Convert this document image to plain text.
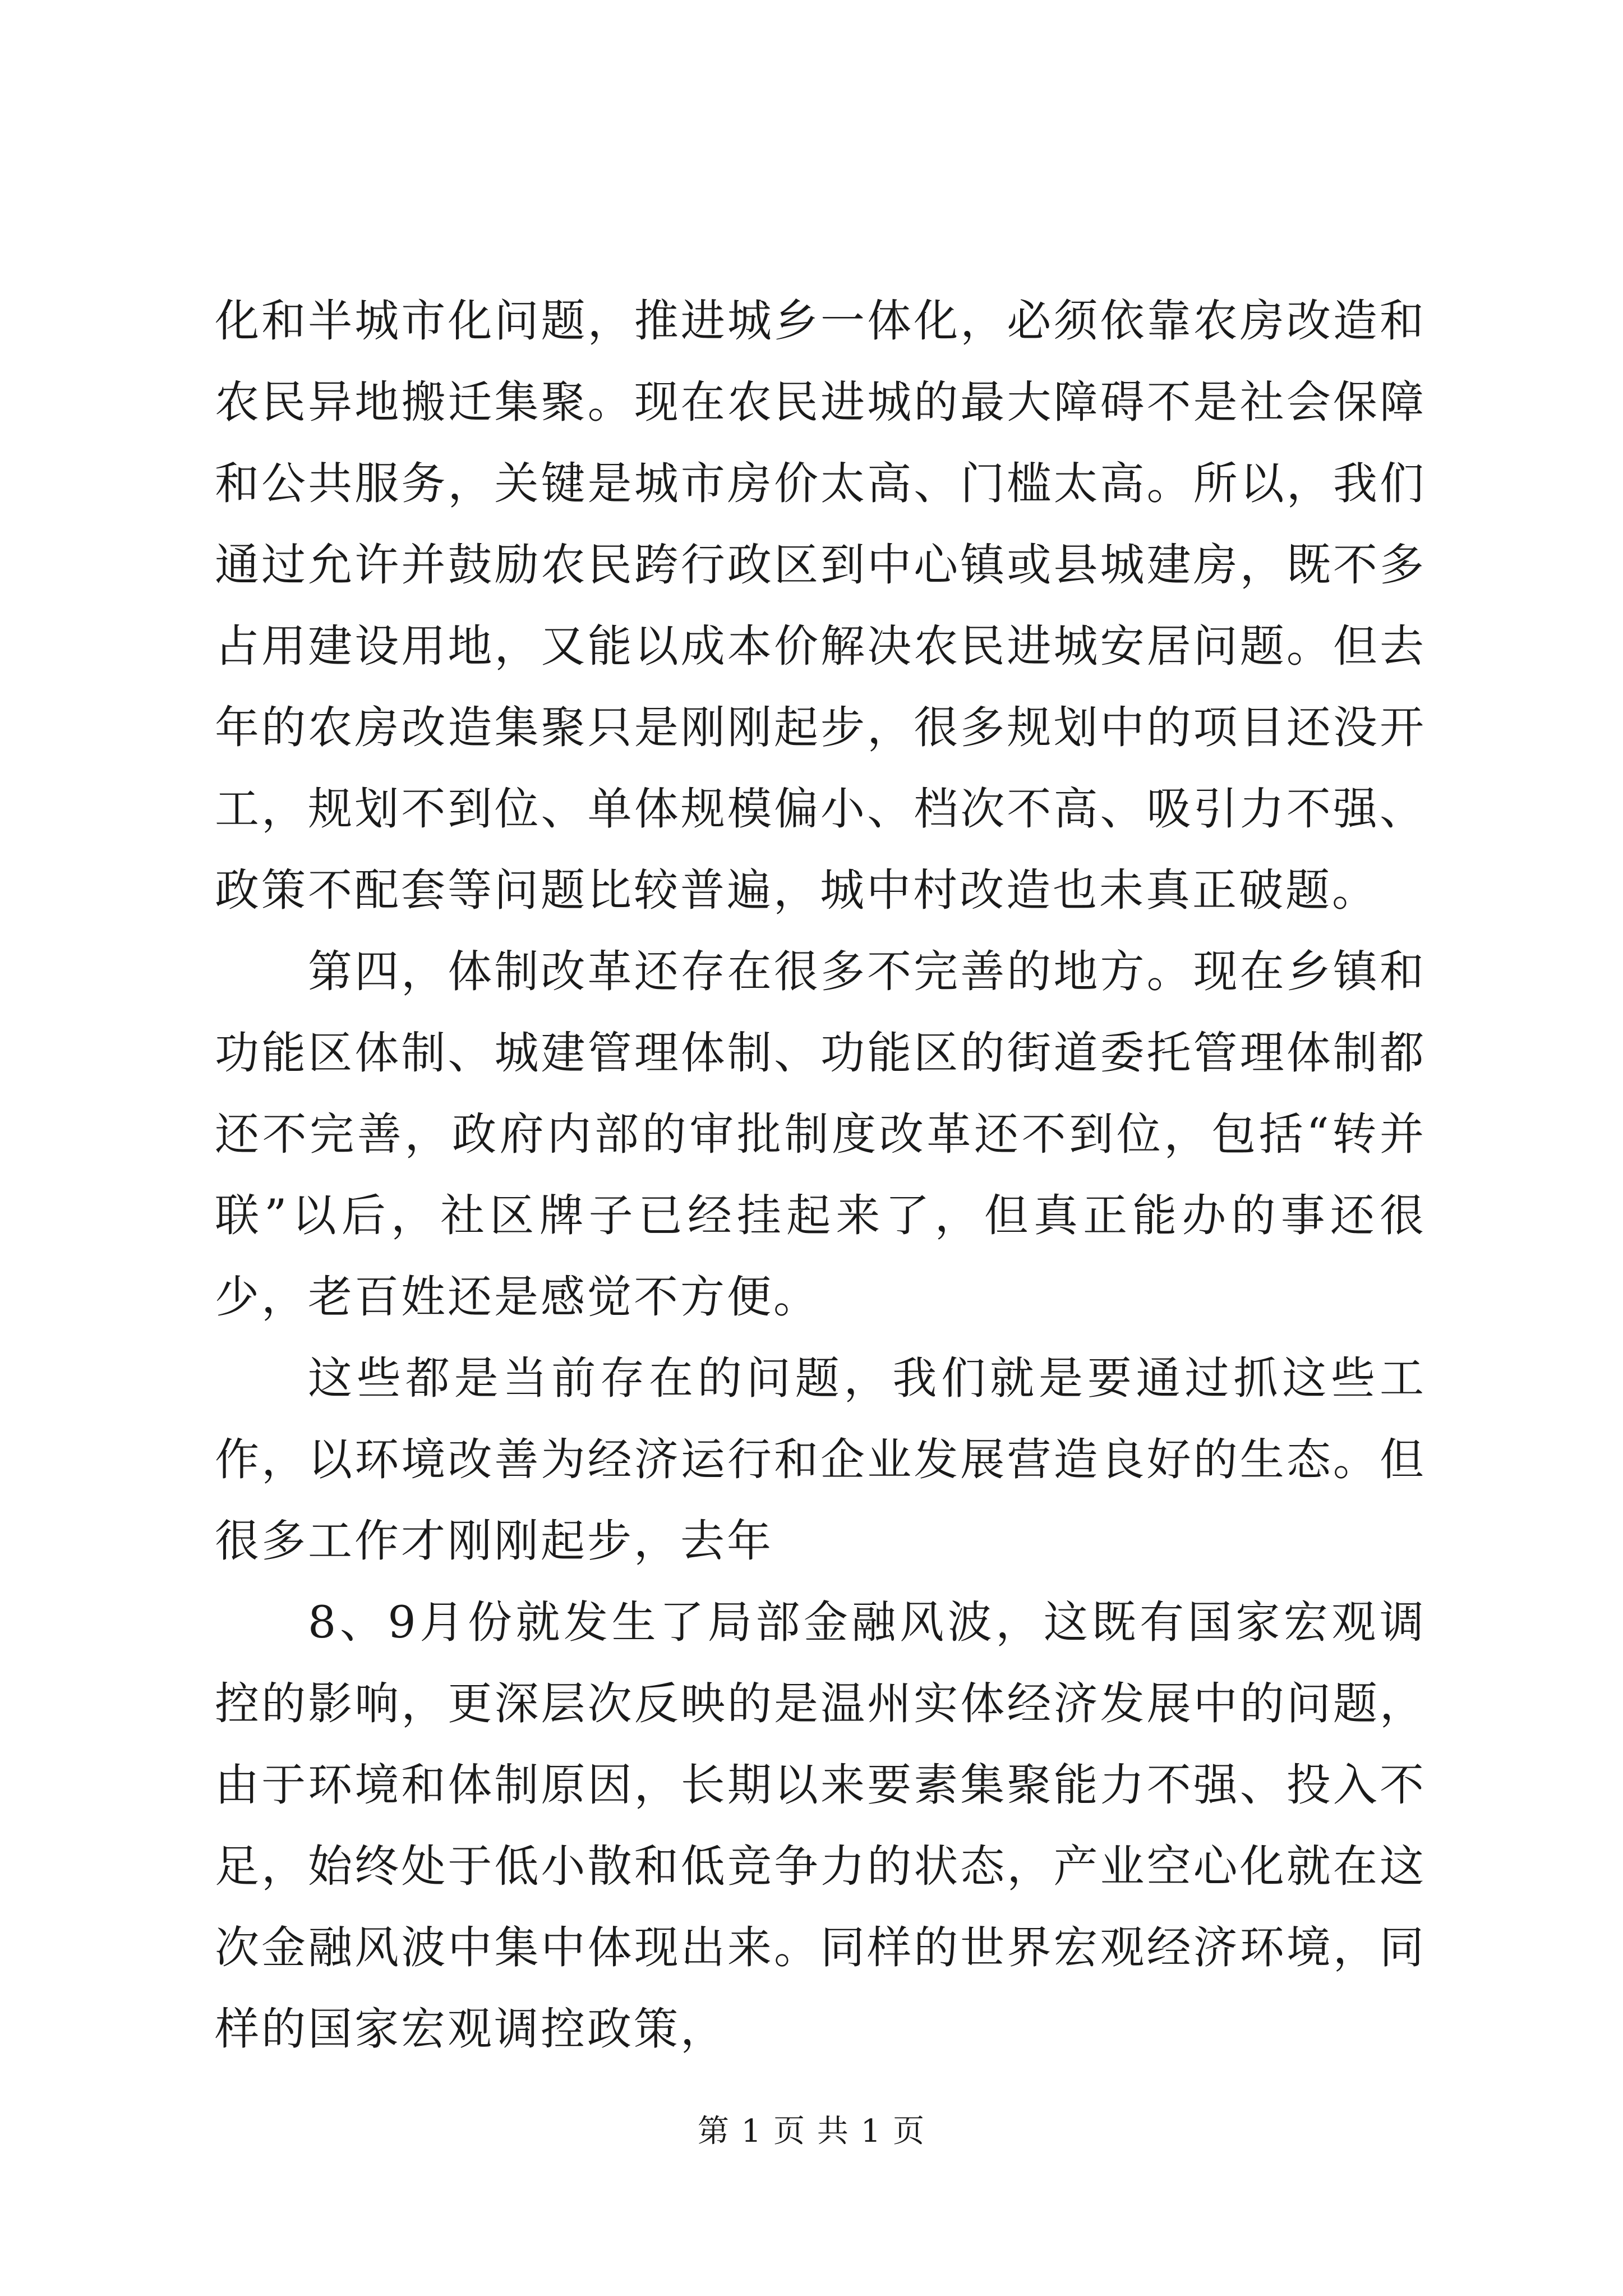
化和半城市化问题，推进城乡一体化，必须依靠农房改造和农民异地搬迁集聚。现在农民进城的最大障碍不是社会保障和公共服务，关键是城市房价太高、门槛太高。所以，我们通过允许并鼓励农民跨行政区到中心镇或县城建房，既不多占用建设用地，又能以成本价解决农民进城安居问题。但去年的农房改造集聚只是刚刚起步，很多规划中的项目还没开工，规划不到位、单体规模偏小、档次不高、吸引力不强、政策不配套等问题比较普遍，城中村改造也未真正破题。

第四，体制改革还存在很多不完善的地方。现在乡镇和功能区体制、城建管理体制、功能区的街道委托管理体制都还不完善，政府内部的审批制度改革还不到位，包括“转并联”以后，社区牌子已经挂起来了，但真正能办的事还很少，老百姓还是感觉不方便。

这些都是当前存在的问题，我们就是要通过抓这些工作，以环境改善为经济运行和企业发展营造良好的生态。但很多工作才刚刚起步，去年

8、9月份就发生了局部金融风波，这既有国家宏观调控的影响，更深层次反映的是温州实体经济发展中的问题，由于环境和体制原因，长期以来要素集聚能力不强、投入不足，始终处于低小散和低竞争力的状态，产业空心化就在这次金融风波中集中体现出来。同样的世界宏观经济环境，同样的国家宏观调控政策，

第 1 页 共 1 页
